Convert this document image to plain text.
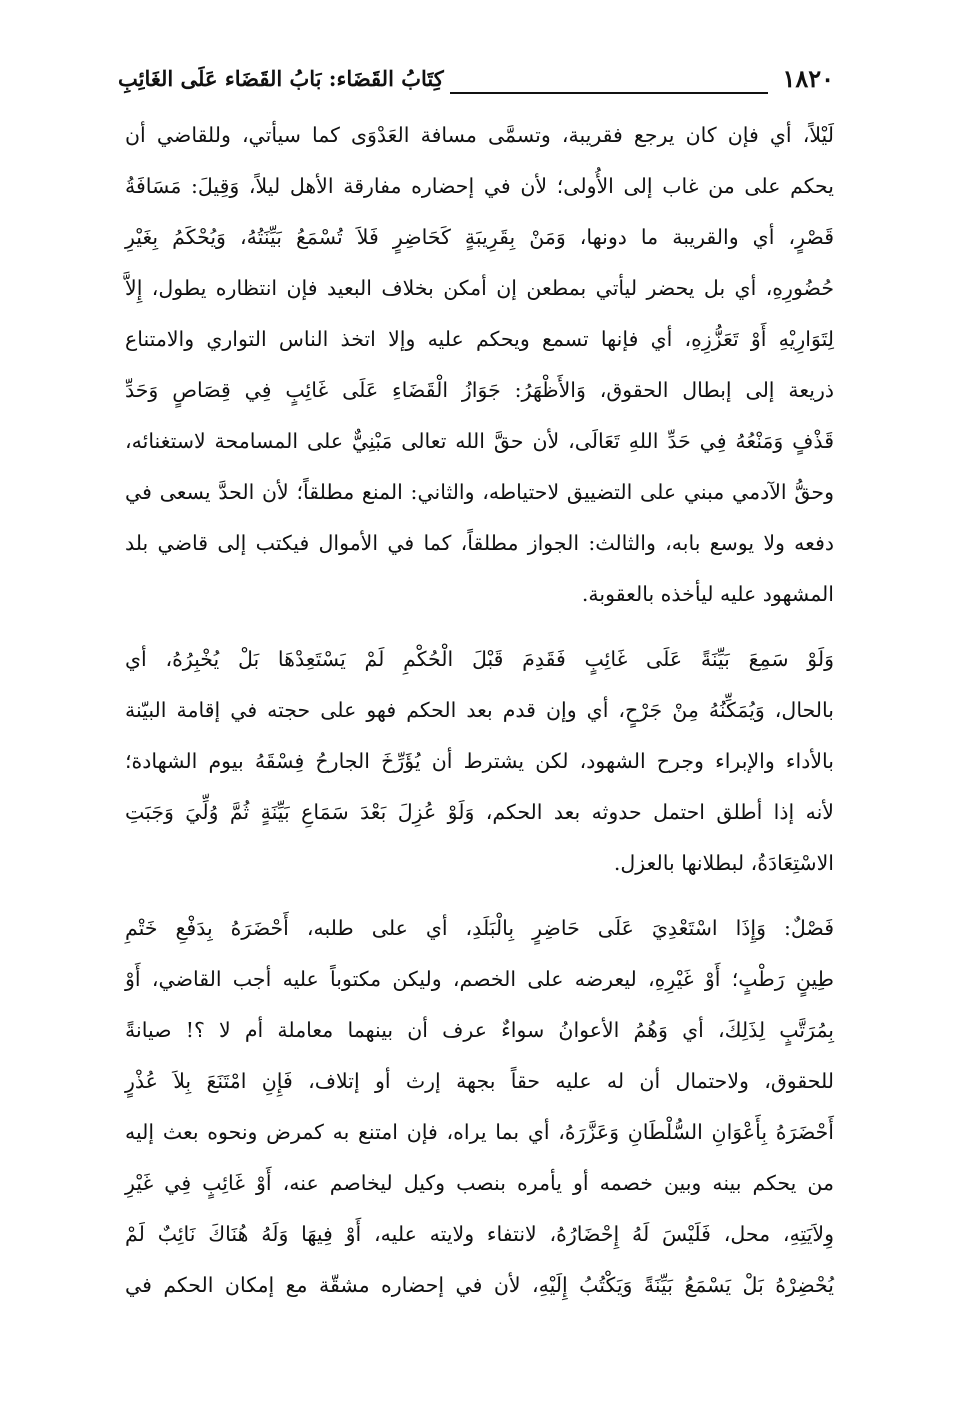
١٨٢٠
كِتَابُ القَضَاء: بَابُ القَضَاء عَلَى الغَائِبِ
لَيْلاً، أي فإن كان يرجع فقريبة، وتسمَّى مسافة العَدْوَى كما سيأتي، وللقاضي أن
يحكم على من غاب إلى الأُولى؛ لأن في إحضاره مفارقة الأهل ليلاً، وَقِيلَ: مَسَافَةُ
قَصْرٍ، أي والقريبة ما دونها، وَمَنْ بِقَرِيبَةٍ كَحَاضِرٍ فَلاَ تُسْمَعُ بَيِّنَتُهُ، وَيُحْكَمُ بِغَيْرِ
حُضُورِهِ، أي بل يحضر ليأتي بمطعن إن أمكن بخلاف البعيد فإن انتظاره يطول، إِلاَّ
لِتَوَارِيْهِ أَوْ تَعَزُّزِهِ، أي فإنها تسمع ويحكم عليه وإلا اتخذ الناس التواري والامتناع
ذريعة إلى إبطال الحقوق، وَالأَظْهَرُ: جَوَازُ الْقَضَاءِ عَلَى غَائِبٍ فِي قِصَاصٍ وَحَدِّ
قَذْفٍ وَمَنْعُهُ فِي حَدِّ اللهِ تَعَالَى، لأن حقَّ الله تعالى مَبْنِيٌّ على المسامحة لاستغنائه،
وحقُّ الآدمي مبني على التضييق لاحتياطه، والثاني: المنع مطلقاً؛ لأن الحدَّ يسعى في
دفعه ولا يوسع بابه، والثالث: الجواز مطلقاً، كما في الأموال فيكتب إلى قاضي بلد
المشهود عليه ليأخذه بالعقوبة.
وَلَوْ سَمِعَ بَيِّنَةً عَلَى غَائِبٍ فَقَدِمَ قَبْلَ الْحُكْمِ لَمْ يَسْتَعِدْهَا بَلْ يُخْبِرُهُ، أي
بالحال، وَيُمَكِّنُهُ مِنْ جَرْحٍ، أي وإن قدم بعد الحكم فهو على حجته في إقامة البيّنة
بالأداء والإبراء وجرح الشهود، لكن يشترط أن يُؤَرِّخَ الجارحُ فِسْقَهُ بيوم الشهادة؛
لأنه إذا أطلق احتمل حدوثه بعد الحكم، وَلَوْ عُزِلَ بَعْدَ سَمَاعِ بَيِّنَةٍ ثُمَّ وُلِّيَ وَجَبَتِ
الاسْتِعَادَةُ، لبطلانها بالعزل.
فَصْلٌ: وَإِذَا اسْتَعْدِيَ عَلَى حَاضِرٍ بِالْبَلَدِ، أي على طلبه، أَحْضَرَهُ بِدَفْعِ خَتْمِ
طِينٍ رَطْبٍ؛ أَوْ غَيْرِهِ، ليعرضه على الخصم، وليكن مكتوباً عليه أجب القاضي، أَوْ
بِمُرَتَّبٍ لِذَلِكَ، أي وَهُمُ الأعوانُ سواءٌ عرف أن بينهما معاملة أم لا ؟! صيانةً
للحقوق، ولاحتمال أن له عليه حقاً بجهة إرث أو إتلاف، فَإِنِ امْتَنَعَ بِلاَ عُذْرٍ
أَحْضَرَهُ بِأَعْوَانِ السُّلْطَانِ وَعَزَّرَهُ، أي بما يراه، فإن امتنع به كمرض ونحوه بعث إليه
من يحكم بينه وبين خصمه أو يأمره بنصب وكيل ليخاصم عنه، أَوْ غَائِبٍ فِي غَيْرِ
وِلاَيَتِهِ، محل، فَلَيْسَ لَهُ إِحْضَارُهُ، لانتفاء ولايته عليه، أَوْ فِيهَا وَلَهُ هُنَاكَ نَائِبٌ لَمْ
يُحْضِرْهُ بَلْ يَسْمَعُ بَيِّنَةً وَيَكْتُبُ إِلَيْهِ، لأن في إحضاره مشقّة مع إمكان الحكم في
